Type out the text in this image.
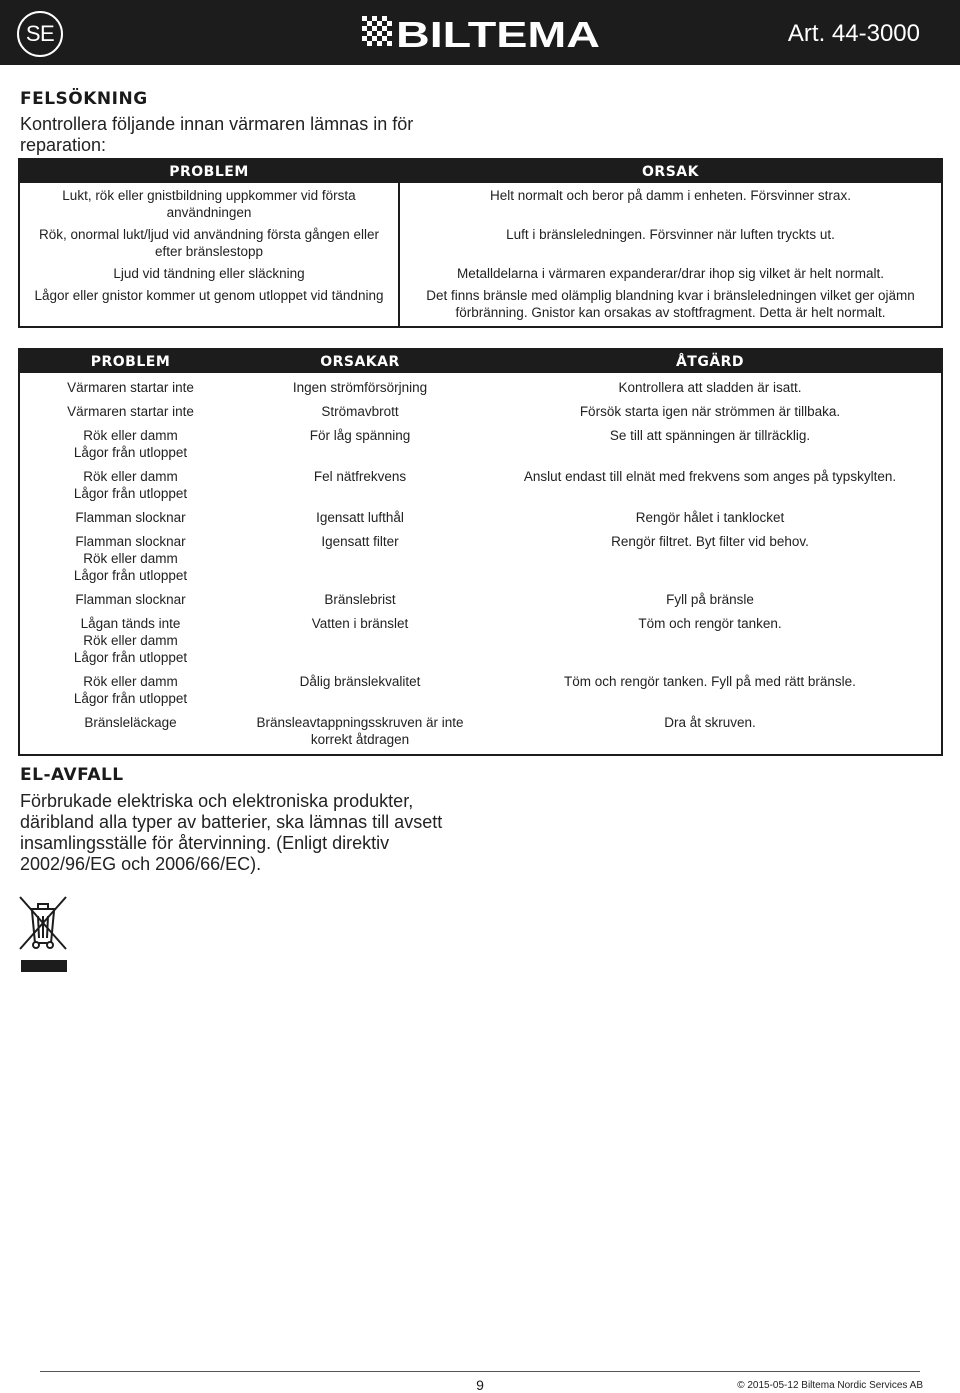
SE	BILTEMA	Art. 44-3000
FELSÖKNING
Kontrollera följande innan värmaren lämnas in för reparation:
PROBLEM	ORSAK
Lukt, rök eller gnistbildning uppkommer vid första användningen	Helt normalt och beror på damm i enheten. Försvinner strax.
Rök, onormal lukt/ljud vid användning första gången eller efter bränslestopp	Luft i bränsleledningen. Försvinner när luften tryckts ut.
Ljud vid tändning eller släckning	Metalldelarna i värmaren expanderar/drar ihop sig vilket är helt normalt.
Lågor eller gnistor kommer ut genom utloppet vid tändning	Det finns bränsle med olämplig blandning kvar i bränsleledningen vilket ger ojämn förbränning. Gnistor kan orsakas av stoftfragment. Detta är helt normalt.
PROBLEM	ORSAKAR	ÅTGÄRD
Värmaren startar inte	Ingen strömförsörjning	Kontrollera att sladden är isatt.
Värmaren startar inte	Strömavbrott	Försök starta igen när strömmen är tillbaka.
Rök eller damm
Lågor från utloppet	För låg spänning	Se till att spänningen är tillräcklig.
Rök eller damm
Lågor från utloppet	Fel nätfrekvens	Anslut endast till elnät med frekvens som anges på typskylten.
Flamman slocknar	Igensatt lufthål	Rengör hålet i tanklocket
Flamman slocknar
Rök eller damm
Lågor från utloppet	Igensatt filter	Rengör filtret. Byt filter vid behov.
Flamman slocknar	Bränslebrist	Fyll på bränsle
Lågan tänds inte
Rök eller damm
Lågor från utloppet	Vatten i bränslet	Töm och rengör tanken.
Rök eller damm
Lågor från utloppet	Dålig bränslekvalitet	Töm och rengör tanken. Fyll på med rätt bränsle.
Bränsleläckage	Bränsleavtappningsskruven är inte korrekt åtdragen	Dra åt skruven.
EL-AVFALL
Förbrukade elektriska och elektroniska produkter, däribland alla typer av batterier, ska lämnas till avsett insamlingsställe för återvinning. (Enligt direktiv 2002/96/EG och 2006/66/EC).
9	© 2015-05-12 Biltema Nordic Services AB
